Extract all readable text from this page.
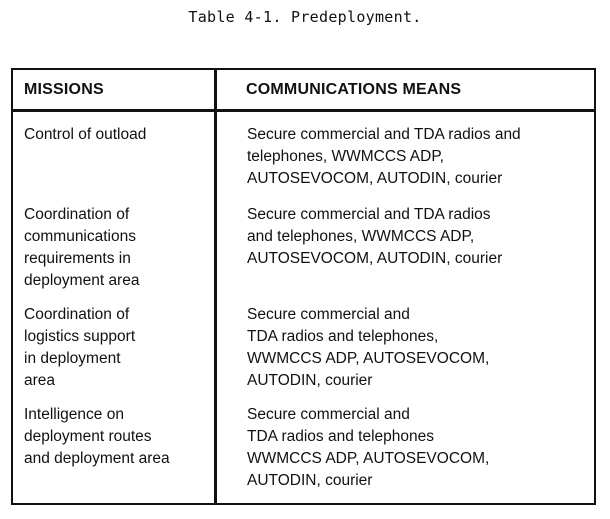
Table 4-1. Predeployment.
MISSIONS	COMMUNICATIONS MEANS
Control of outload	Secure commercial and TDA radios and
telephones, WWMCCS ADP,
AUTOSEVOCOM, AUTODIN, courier
Coordination of
communications
requirements in
deployment area
Secure commercial and TDA radios
and telephones, WWMCCS ADP,
AUTOSEVOCOM, AUTODIN, courier
Coordination of
logistics support
in deployment
area
Secure commercial and
TDA radios and telephones,
WWMCCS ADP, AUTOSEVOCOM,
AUTODIN, courier
Intelligence on
deployment routes
and deployment area
Secure commercial and
TDA radios and telephones
WWMCCS ADP, AUTOSEVOCOM,
AUTODIN, courier
